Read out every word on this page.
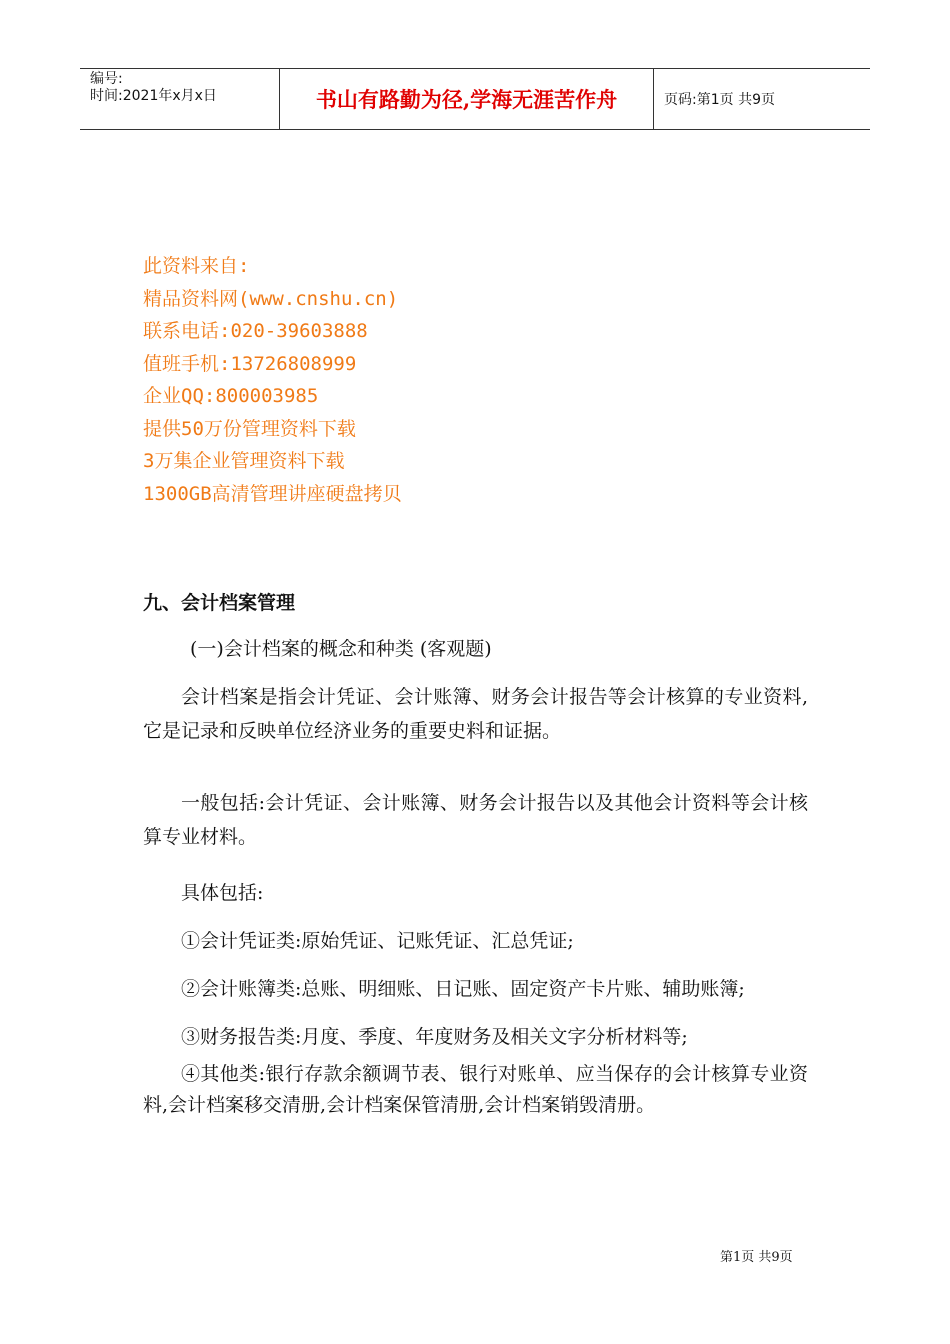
编号:
时间:2021年x月x日	书山有路勤为径,学海无涯苦作舟	页码:第1页 共9页
此资料来自:
精品资料网(www.cnshu.cn)
联系电话:020-39603888
值班手机:13726808999
企业QQ:800003985
提供50万份管理资料下载
3万集企业管理资料下载
1300GB高清管理讲座硬盘拷贝
九、会计档案管理
(一)会计档案的概念和种类 (客观题)

会计档案是指会计凭证、会计账簿、财务会计报告等会计核算的专业资料,它是记录和反映单位经济业务的重要史料和证据。

一般包括:会计凭证、会计账簿、财务会计报告以及其他会计资料等会计核算专业材料。

具体包括:

①会计凭证类:原始凭证、记账凭证、汇总凭证;

②会计账簿类:总账、明细账、日记账、固定资产卡片账、辅助账簿;

③财务报告类:月度、季度、年度财务及相关文字分析材料等;

④其他类:银行存款余额调节表、银行对账单、应当保存的会计核算专业资料,会计档案移交清册,会计档案保管清册,会计档案销毁清册。

第1页 共9页
